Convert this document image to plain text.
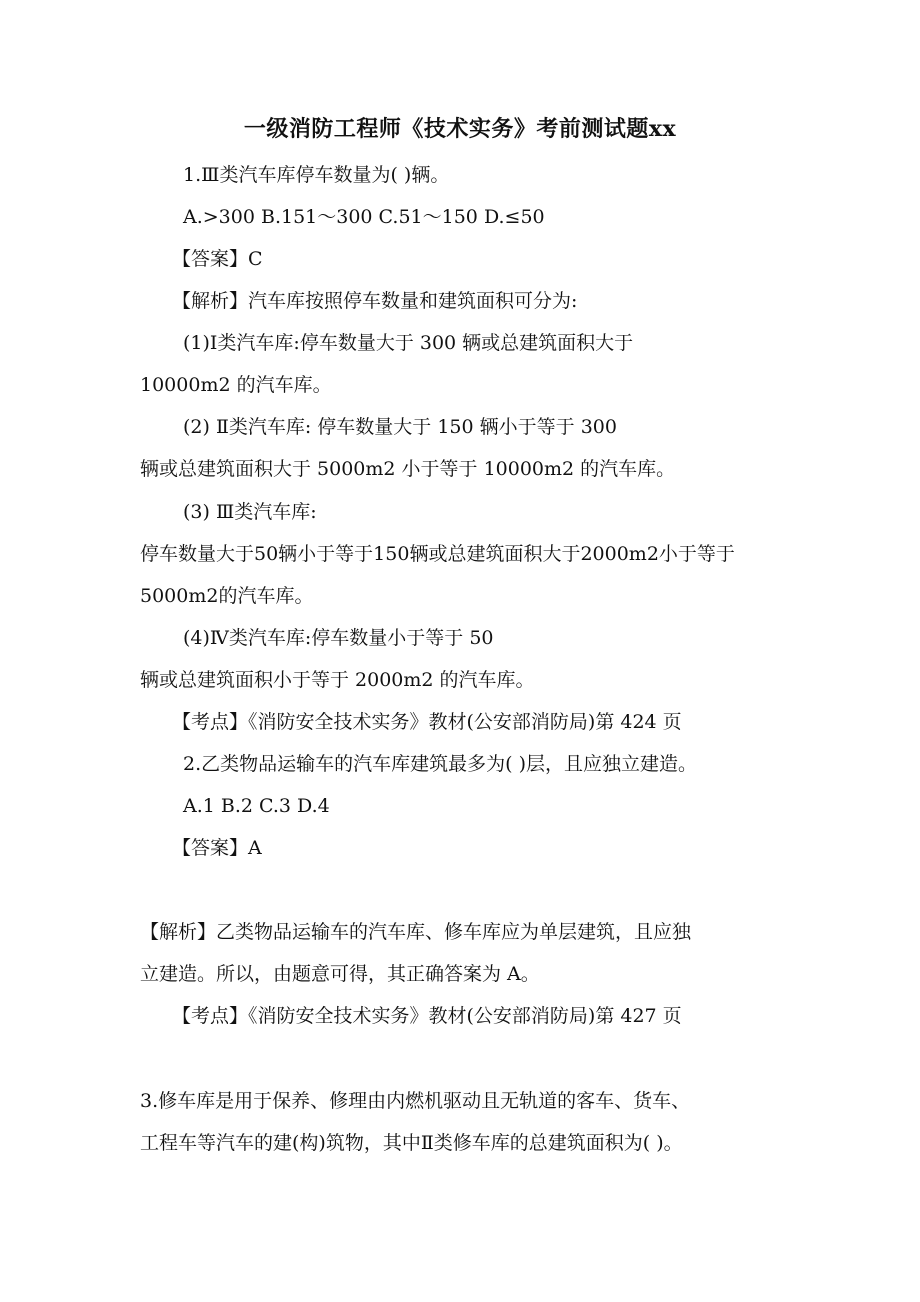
一级消防工程师《技术实务》考前测试题xx
1.Ⅲ类汽车库停车数量为( )辆。
A.>300 B.151～300 C.51～150 D.≤50
【答案】C
【解析】汽车库按照停车数量和建筑面积可分为:
(1)Ⅰ类汽车库:停车数量大于 300 辆或总建筑面积大于
10000m2 的汽车库。
(2) Ⅱ类汽车库: 停车数量大于 150 辆小于等于 300
辆或总建筑面积大于 5000m2 小于等于 10000m2 的汽车库。
(3) Ⅲ类汽车库:
停车数量大于50辆小于等于150辆或总建筑面积大于2000m2小于等于
5000m2的汽车库。
(4)Ⅳ类汽车库:停车数量小于等于 50
辆或总建筑面积小于等于 2000m2 的汽车库。
【考点】《消防安全技术实务》教材(公安部消防局)第 424 页
2.乙类物品运输车的汽车库建筑最多为( )层，且应独立建造。
A.1 B.2 C.3 D.4
【答案】A
【解析】乙类物品运输车的汽车库、修车库应为单层建筑，且应独
立建造。所以，由题意可得，其正确答案为 A。
【考点】《消防安全技术实务》教材(公安部消防局)第 427 页
3.修车库是用于保养、修理由内燃机驱动且无轨道的客车、货车、
工程车等汽车的建(构)筑物，其中Ⅱ类修车库的总建筑面积为( )。
